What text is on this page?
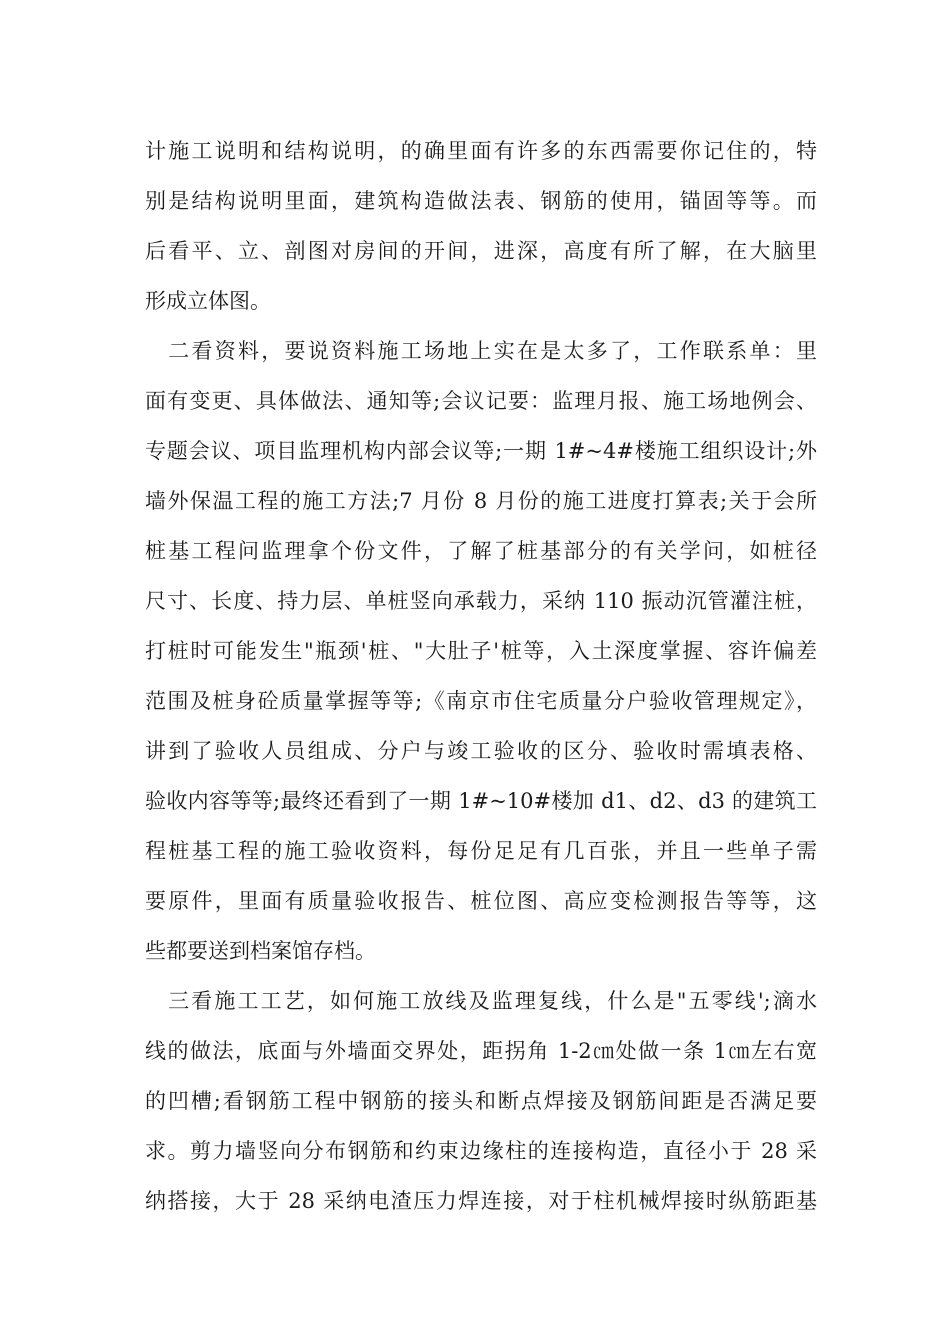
计施工说明和结构说明，的确里面有许多的东西需要你记住的，特
别是结构说明里面，建筑构造做法表、钢筋的使用，锚固等等。而
后看平、立、剖图对房间的开间，进深，高度有所了解，在大脑里
形成立体图。
　二看资料，要说资料施工场地上实在是太多了，工作联系单：里
面有变更、具体做法、通知等;会议记要：监理月报、施工场地例会、
专题会议、项目监理机构内部会议等;一期 1#~4#楼施工组织设计;外
墙外保温工程的施工方法;7 月份 8 月份的施工进度打算表;关于会所
桩基工程问监理拿个份文件，了解了桩基部分的有关学问，如桩径
尺寸、长度、持力层、单桩竖向承载力，采纳 110 振动沉管灌注桩，
打桩时可能发生"瓶颈'桩、"大肚子'桩等，入土深度掌握、容许偏差
范围及桩身砼质量掌握等等;《南京市住宅质量分户验收管理规定》，
讲到了验收人员组成、分户与竣工验收的区分、验收时需填表格、
验收内容等等;最终还看到了一期 1#~10#楼加 d1、d2、d3 的建筑工
程桩基工程的施工验收资料，每份足足有几百张，并且一些单子需
要原件，里面有质量验收报告、桩位图、高应变检测报告等等，这
些都要送到档案馆存档。
　三看施工工艺，如何施工放线及监理复线，什么是"五零线';滴水
线的做法，底面与外墙面交界处，距拐角 1-2㎝处做一条 1㎝左右宽
的凹槽;看钢筋工程中钢筋的接头和断点焊接及钢筋间距是否满足要
求。剪力墙竖向分布钢筋和约束边缘柱的连接构造，直径小于 28 采
纳搭接，大于 28 采纳电渣压力焊连接，对于柱机械焊接时纵筋距基
